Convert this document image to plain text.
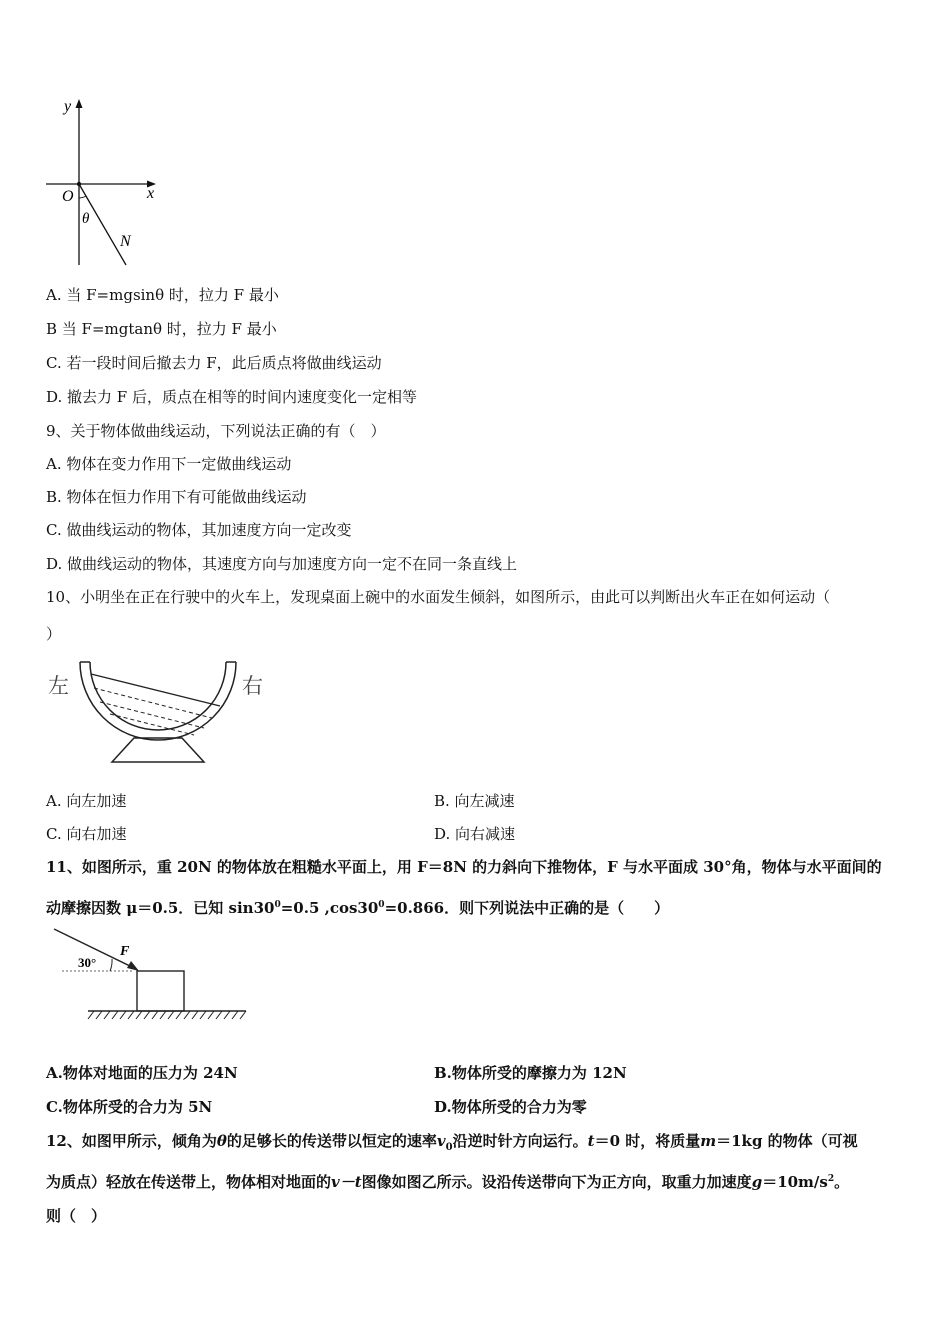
y
O	x
θ
N
A. 当 F=mgsinθ 时，拉力 F 最小
B 当 F=mgtanθ 时，拉力 F 最小
C. 若一段时间后撤去力 F，此后质点将做曲线运动
D. 撤去力 F 后，质点在相等的时间内速度变化一定相等
9、关于物体做曲线运动，下列说法正确的有（　）
A. 物体在变力作用下一定做曲线运动
B. 物体在恒力作用下有可能做曲线运动
C. 做曲线运动的物体，其加速度方向一定改变
D. 做曲线运动的物体，其速度方向与加速度方向一定不在同一条直线上
10、小明坐在正在行驶中的火车上，发现桌面上碗中的水面发生倾斜，如图所示，由此可以判断出火车正在如何运动（
）
左	右
A. 向左加速	B. 向左减速
C. 向右加速	D. 向右减速
11、如图所示，重 20N 的物体放在粗糙水平面上，用 F＝8N 的力斜向下推物体，F 与水平面成 30°角，物体与水平面间的
动摩擦因数 μ＝0.5．已知 $\sin 30^0=0.5$ $,\cos 30^0=0.866$．则下列说法中正确的是（　　）
30°
F
A.物体对地面的压力为 24N	B.物体所受的摩擦力为 12N
C.物体所受的合力为 5N	D.物体所受的合力为零
12、如图甲所示，倾角为θ的足够长的传送带以恒定的速率$v_0$沿逆时针方向运行。t＝0 时，将质量m＝1kg 的物体（可视
为质点）轻放在传送带上，物体相对地面的v－t图像如图乙所示。设沿传送带向下为正方向，取重力加速度$g=10m/s^2$。
则（　）
